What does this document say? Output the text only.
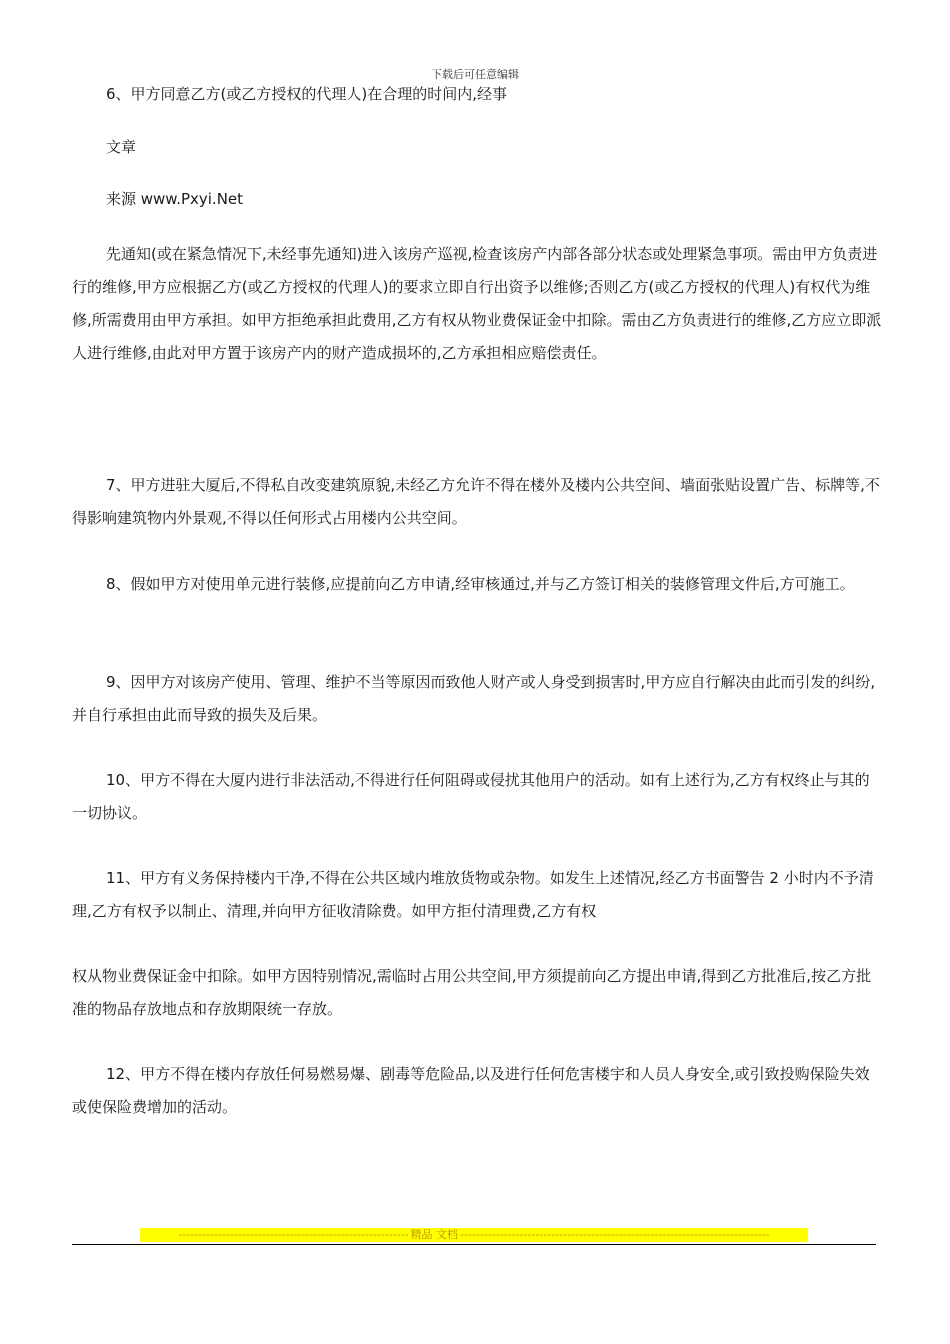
下载后可任意编辑
6、甲方同意乙方(或乙方授权的代理人)在合理的时间内,经事
文章
来源 www.Pxyi.Net
先通知(或在紧急情况下,未经事先通知)进入该房产巡视,检查该房产内部各部分状态或处理紧急事项。需由甲方负责进行的维修,甲方应根据乙方(或乙方授权的代理人)的要求立即自行出资予以维修;否则乙方(或乙方授权的代理人)有权代为维修,所需费用由甲方承担。如甲方拒绝承担此费用,乙方有权从物业费保证金中扣除。需由乙方负责进行的维修,乙方应立即派人进行维修,由此对甲方置于该房产内的财产造成损坏的,乙方承担相应赔偿责任。
7、甲方进驻大厦后,不得私自改变建筑原貌,未经乙方允许不得在楼外及楼内公共空间、墙面张贴设置广告、标牌等,不得影响建筑物内外景观,不得以任何形式占用楼内公共空间。
8、假如甲方对使用单元进行装修,应提前向乙方申请,经审核通过,并与乙方签订相关的装修管理文件后,方可施工。
9、因甲方对该房产使用、管理、维护不当等原因而致他人财产或人身受到损害时,甲方应自行解决由此而引发的纠纷,并自行承担由此而导致的损失及后果。
10、甲方不得在大厦内进行非法活动,不得进行任何阻碍或侵扰其他用户的活动。如有上述行为,乙方有权终止与其的一切协议。
11、甲方有义务保持楼内干净,不得在公共区域内堆放货物或杂物。如发生上述情况,经乙方书面警告 2 小时内不予清理,乙方有权予以制止、清理,并向甲方征收清除费。如甲方拒付清理费,乙方有权
权从物业费保证金中扣除。如甲方因特别情况,需临时占用公共空间,甲方须提前向乙方提出申请,得到乙方批准后,按乙方批准的物品存放地点和存放期限统一存放。
12、甲方不得在楼内存放任何易燃易爆、剧毒等危险品,以及进行任何危害楼宇和人员人身安全,或引致投购保险失效或使保险费增加的活动。
---------------------------------------------------------- 精品 文档 ------------------------------------------------------------------------------
